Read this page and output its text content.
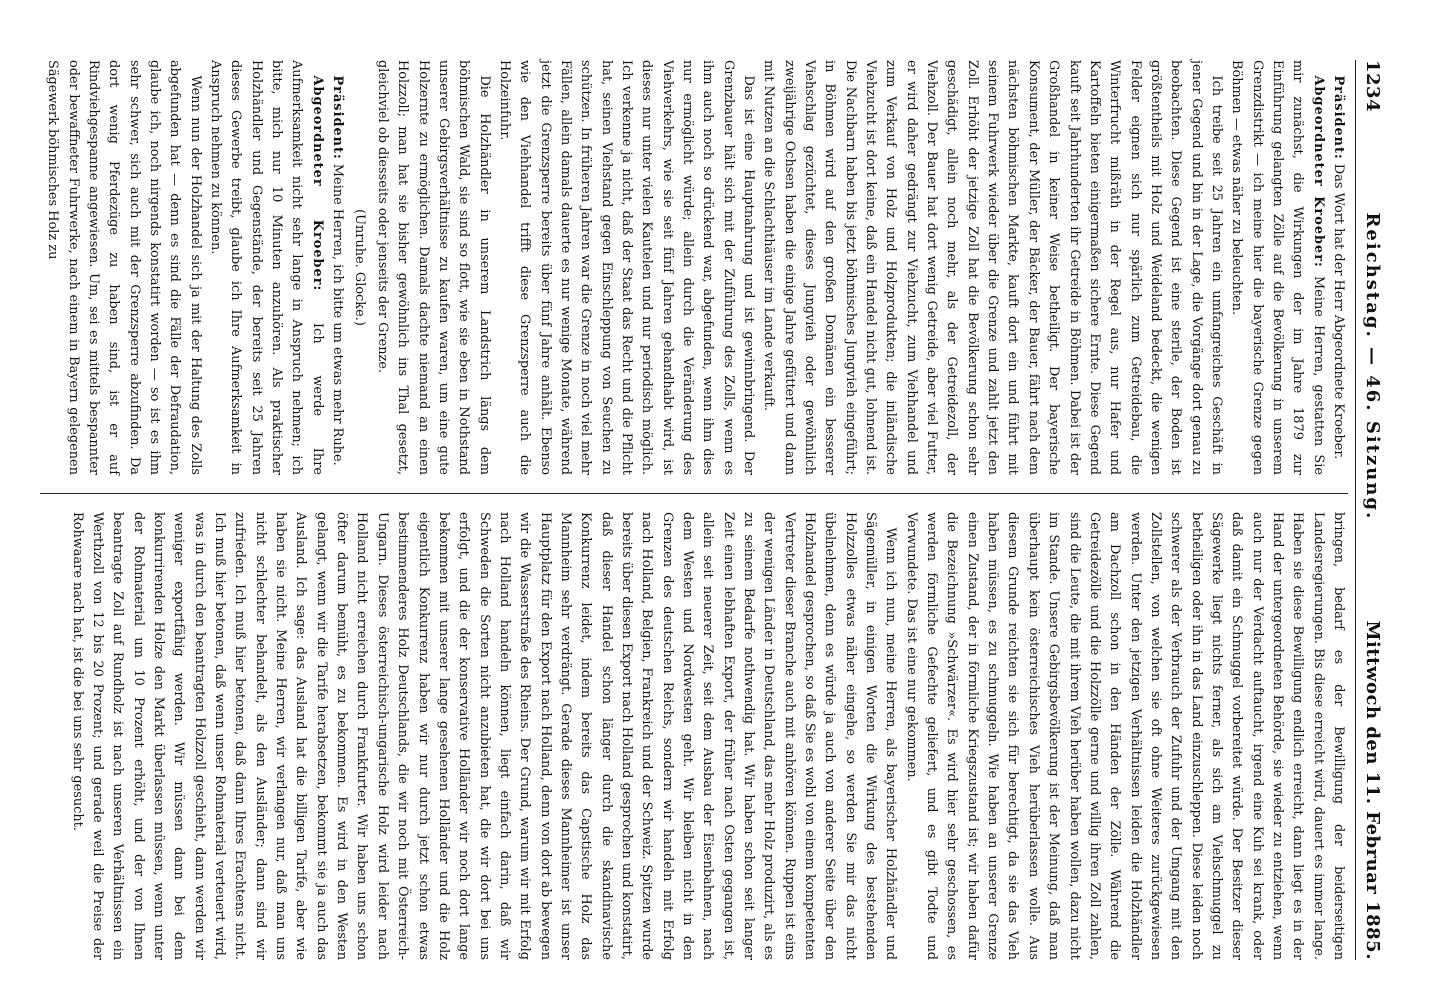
1234
Reichstag. — 46. Sitzung.
Mittwoch den 11. Februar 1885.

Präsident: Das Wort hat der Herr Abgeordnete Kroeber.

Abgeordneter Kroeber: Meine Herren, gestatten Sie mir zunächst, die Wirkungen der im Jahre 1879 zur Einführung gelangten Zölle auf die Bevölkerung in unserem Grenzdistrikt — ich meine hier die bayerische Grenze gegen Böhmen — etwas näher zu beleuchten.

Ich treibe seit 25 Jahren ein umfangreiches Geschäft in jener Gegend und bin in der Lage, die Vorgänge dort genau zu beobachten. Diese Gegend ist eine sterile, der Boden ist größtentheils mit Holz und Weideland bedeckt, die wenigen Felder eignen sich nur spärlich zum Getreidebau, die Winterfrucht mißräth in der Regel aus, nur Hafer und Kartoffeln bieten einigermaßen sichere Ernte. Diese Gegend kauft seit Jahrhunderten ihr Getreide in Böhmen. Dabei ist der Großhandel in keiner Weise betheiligt. Der bayerische Konsument, der Müller, der Bäcker, der Bauer, fährt nach dem nächsten böhmischen Markte, kauft dort ein und führt mit seinem Fuhrwerk wieder über die Grenze und zahlt jetzt den Zoll. Erhöht der jetzige Zoll hat die Bevölkerung schon sehr geschädigt, allein noch mehr, als der Getreidezoll, der Viehzoll. Der Bauer hat dort wenig Getreide, aber viel Futter, er wird daher gedrängt zur Viehzucht, zum Viehhandel und zum Verkauf von Holz und Holzprodukten; die inländische Viehzucht ist dort keine, daß ein Handel nicht gut, lohnend ist. Die Nachbarn haben bis jetzt böhmisches Jungvieh eingeführt; in Böhmen wird auf den großen Domänen ein besserer Viehschlag gezüchtet, dieses Jungvieh oder gewöhnlich zweijährige Ochsen haben die einige Jahre gefüttert und dann mit Nutzen an die Schlachthäuser im Lande verkauft.

Das ist eine Hauptnahrung und ist gewinnbringend. Der Grenzbauer hält sich mit der Zuführung des Zolls, wenn es ihm auch noch so drückend war, abgefunden, wenn ihm dies nur ermöglicht würde; allein durch die Veränderung des Viehverkehrs, wie sie seit fünf Jahren gehandhabt wird, ist dieses nur unter vielen Kautelen und nur periodisch möglich. Ich verkenne ja nicht, daß der Staat das Recht und die Pflicht hat, seinen Viehstand gegen Einschleppung von Seuchen zu schützen. In früheren Jahren war die Grenze in noch viel mehr Fällen, allein damals dauerte es nur wenige Monate, während jetzt die Grenzsperre bereits über fünf Jahre anhält. Ebenso wie den Viehhandel trifft diese Grenzsperre auch die Holzeinfuhr.

Die Holzhändler in unserem Landstrich längs dem böhmischen Wald, sie sind so flott, wie sie eben in Nothstand unserer Gebirgsverhältnisse zu kaufen waren, um eine gute Holzernte zu ermöglichen. Damals dachte niemand an einen Holzzoll; man hat sie bisher gewöhnlich ins Thal gesetzt, gleichviel ob diesseits oder jenseits der Grenze.

(Unruhe. Glocke.)

Präsident: Meine Herren, ich bitte um etwas mehr Ruhe.

Abgeordneter Kroeber: Ich werde Ihre Aufmerksamkeit nicht sehr lange in Anspruch nehmen; ich bitte, mich nur 10 Minuten anzuhören. Als praktischer Holzhändler und Gegenstände, der bereits seit 25 Jahren dieses Gewerbe treibt, glaube ich Ihre Aufmerksamkeit in Anspruch nehmen zu können.

Wenn nun der Holzhandel sich ja mit der Haltung des Zolls abgefunden hat — denn es sind die Fälle der Defraudation, glaube ich, noch nirgends konstatirt worden — so ist es ihm sehr schwer, sich auch mit der Grenzsperre abzufinden. Da dort wenig Pferdezüge zu haben sind, ist er auf Rindviehgespanne angewiesen. Um, sei es mittels bespannter oder bewaffneter Fuhrwerke, nach einem in Bayern gelegenen Sägewerk böhmisches Holz zu

bringen, bedarf es der Bewilligung der beiderseitigen Landesregierungen. Bis diese erreicht wird, dauert es immer lange. Haben sie diese Bewilligung endlich erreicht, dann liegt es in der Hand der untergeordneten Behörde, sie wieder zu entziehen, wenn auch nur der Verdacht auftaucht, irgend eine Kuh sei krank, oder daß damit ein Schmuggel vorbereitet würde. Der Besitzer dieser Sägewerke liegt nichts ferner, als sich am Viehschmuggel zu betheiligen oder ihn in das Land einzuschleppen. Diese leiden noch schwerer als der Verbrauch der Zufuhr und der Umgang mit den Zollstellen, von welchen sie oft ohne Weiteres zurückgewiesen werden. Unter den jetzigen Verhältnissen leiden die Holzhändler am Dachzoll schon in den Händen der Zölle. Während die Getreidezölle und die Holzzölle gerne und willig ihren Zoll zahlen, sind die Leute, die mit ihrem Vieh herüber haben wollen, dazu nicht im Stande. Unsere Gebirgsbevölkerung ist der Meinung, daß man überhaupt kein österreichisches Vieh herüberlassen wolle. Aus diesem Grunde reichten sie sich für berechtigt, da sie das Vieh haben müssen, es zu schmuggeln. Wie haben an unserer Grenze einen Zustand, der in förmliche Kriegszustand ist; wir haben dafür die Bezeichnung »Schwärzer«. Es wird hier sehr geschossen, es werden förmliche Gefechte geliefert, und es gibt Todte und Verwundete. Das ist eine nur gekommen.

Wenn ich nun, meine Herren, als bayerischer Holzhändler und Sägemüller, in einigen Worten die Wirkung des bestehenden Holzzolles etwas näher eingehe, so werden Sie mir das nicht übelnehmen, denn es würde ja auch von anderer Seite über den Holzhandel gesprochen, so daß Sie es wohl von einem kompetenten Vertreter dieser Branche auch mit anhören können. Ruppen ist eins der wenigen Länder in Deutschland, das mehr Holz produzirt, als es zu seinem Bedarfe nothwendig hat. Wir haben schon seit langer Zeit einen lebhaften Export, der früher nach Osten gegangen ist, allein seit neuerer Zeit, seit dem Ausbau der Eisenbahnen, nach dem Westen und Nordwesten geht. Wir bleiben nicht in den Grenzen des deutschen Reichs, sondern wir handeln mit Erfolg nach Holland, Belgien, Frankreich und der Schweiz. Spitzen wurde bereits über diesen Export nach Holland gesprochen und konstatirt, daß dieser Handel schon länger durch die skandinavische Konkurrenz leidet, indem bereits das Capstische Holz das Mannheim sehr verdrängt. Gerade dieses Mannheimer ist unser Hauptplatz für den Export nach Holland, denn von dort ab bewegen wir die Wasserstraße des Rheins. Der Grund, warum wir mit Erfolg nach Holland handeln können, liegt einfach darin, daß wir Schweden die Sorten nicht anzubieten hat, die wir dort bei uns erfolgt, und die der konservative Holländer wir noch dort lange bekommen mit unserer lange gesehenen Holländer und die Holz eigentlich Konkurrenz haben wir nur durch jetzt schon etwas bestimmenderes Holz Deutschlands, die wir noch mit Österreich-Ungarn. Dieses österreichisch-ungarische Holz wird leider nach Holland nicht erreichen durch Frankfurter. Wir haben uns schon öfter darum bemüht, es zu bekommen. Es wird in den Westen gelangt, wenn wir die Tarife herabsetzen, bekommt sie ja auch das Ausland. Ich sage: das Ausland hat die billigen Tarife, aber wie haben sie nicht. Meine Herren, wir verlangen nur, daß man uns nicht schlechter behandelt, als den Ausländer; dann sind wir zufrieden. Ich muß hier betonen, daß dann Ihres Erachtens nicht. Ich muß hier betonen, daß wenn unser Rohmaterial verteuert wird, was in durch den beantragten Holzzoll geschieht, dann werden wir weniger exportfähig werden. Wir müssen dann bei dem konkurrirenden Holze den Markt überlassen müssen, wenn unter der Rohmaterial um 10 Prozent erhöht, und der von Ihnen beantragte Zoll auf Rundholz ist nach unseren Verhältnissen ein Werthzoll von 12 bis 20 Prozent; und gerade weil die Preise der Rohwaare nach hat, ist die bei uns sehr gesucht.
